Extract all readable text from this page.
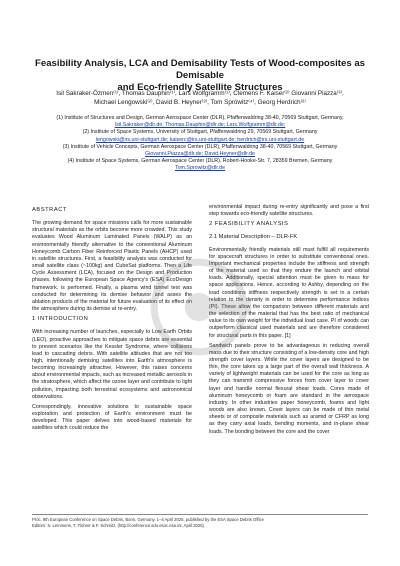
Feasibility Analysis, LCA and Demisability Tests of Wood-composites as Demisable
and Eco-friendly Satellite Structures
Isil Sakraker-Özmen⁽¹⁾, Thomas Dauphin⁽¹⁾, Lars Wolfgramm⁽¹⁾, Clemens F. Kaiser⁽²⁾ Giovanni Piazza⁽³⁾,
Michael Lengowski⁽²⁾, David B. Heyner⁽³⁾, Tom Sprówitz⁽⁴⁾, Georg Herdrich⁽²⁾
(1) Institute of Structures and Design, German Aerospace Center (DLR), Pfaffenwaldring 38-40, 70569 Stuttgart, Germany,
Isil.Sakraker@dlr.de; Thomas.Dauphin@dlr.de; Lars.Wolfgramm@dlr.de;
(2) Institute of Space Systems, University of Stuttgart, Pfaffenwaldring 29, 70569 Stuttgart, Germany
lengowski@irs.uni-stuttgart.de; kaiserc@irs.uni-stuttgart.de; herdrich@irs.uni-stuttgart.de
(3) Institute of Vehicle Concepts, German Aerospace Center (DLR), Pfaffenwaldring 38-40, 70569 Stuttgart, Germany
Giovanni.Piazza@dlr.de; David.Heyner@dlr.de
(4) Institute of Space Systems, German Aerospace Center (DLR), Robert-Hooke-Str. 7, 28359 Bremen, Germany
Tom.Sprowitz@dlr.de
ABSTRACT

The growing demand for space missions calls for more sustainable structural materials as the orbits become more crowded. This study evaluates Wood Aluminum Laminated Panels (WALP) as an environmentally friendly alternative to the conventional Aluminum Honeycomb Carbon Fiber Reinforced Plastic Panels (AHCP) used in satellite structures. First, a feasibility analysis was conducted for small satellite class (~100kg) and CubeSat platforms. Then a Life Cycle Assessment (LCA), focused on the Design and Production phases, following the European Space Agency's (ESA) EcoDesign framework, is performed. Finally, a plasma wind tunnel test was conducted for determining its demise behavior and asses the ablation products of the material for future evaluation of its effect on the atmosphere during its demise at re-entry.

1 INTRODUCTION

With increasing number of launches, especially to Low Earth Orbits (LEO), proactive approaches to mitigate space debris are essential to prevent scenarios like the Kessler Syndrome, where collisions lead to cascading debris. With satellite altitudes that are not too high, intentionally demising satellites into Earth's atmosphere is becoming increasingly attractive. However, this raises concerns about environmental impacts, such as increased metallic aerosols in the stratosphere, which affect the ozone layer and contribute to light pollution, impacting both terrestrial ecosystems and astronomical observations.

Correspondingly, innovative solutions to sustainable space exploration and protection of Earth's environment must be developed. This paper delves into wood-based materials for satellites which could reduce the

environmental impact during re-entry significantly and pose a first step towards eco-friendly satellite structures.

2 FEASIBILITY ANALYSIS
2.1 Material Description – DLR-FK

Environmentally friendly materials still must fulfill all requirements for spacecraft structures in order to substitute conventional ones. Important mechanical properties include the stiffness and strength of the material used so that they endure the launch and orbital loads. Additionally, special attention must be given to mass for space applications. Hence, according to Ashby, depending on the load conditions stiffness respectively strength is set in a certain relation to the density in order to determine performance indices (PI). These allow the comparison between different materials and the selection of the material that has the best ratio of mechanical value to its own weight for the individual load case. PI of woods can outperform classical used materials and are therefore considered for structural parts in this paper. [1]

Sandwich panels prove to be advantageous in reducing overall mass due to their structure consisting of a low-density core and high strength cover layers. While the cover layers are designed to be thin, the core takes up a large part of the overall wall thickness. A variety of lightweight materials can be used for the core as long as they can transmit compressive forces from cover layer to cover layer and handle normal flexural shear loads. Cores made of aluminum honeycomb or foam are standard in the aerospace industry. In other industries paper honeycomb, foams and light woods are also known. Cover layers can be made of thin metal sheets or of composite materials such as aramid or CFRP as long as they carry axial loads, bending moments, and in-plane shear loads. The bonding between the core and the cover

Proc. 9th European Conference on Space Debris, Bonn, Germany, 1–4 April 2025, published by the ESA Space Debris Office
Editors: S. Lemmens, T. Flohrer & F. Schmitz, (http://conference.sdo.esoc.esa.int, April 2025)
